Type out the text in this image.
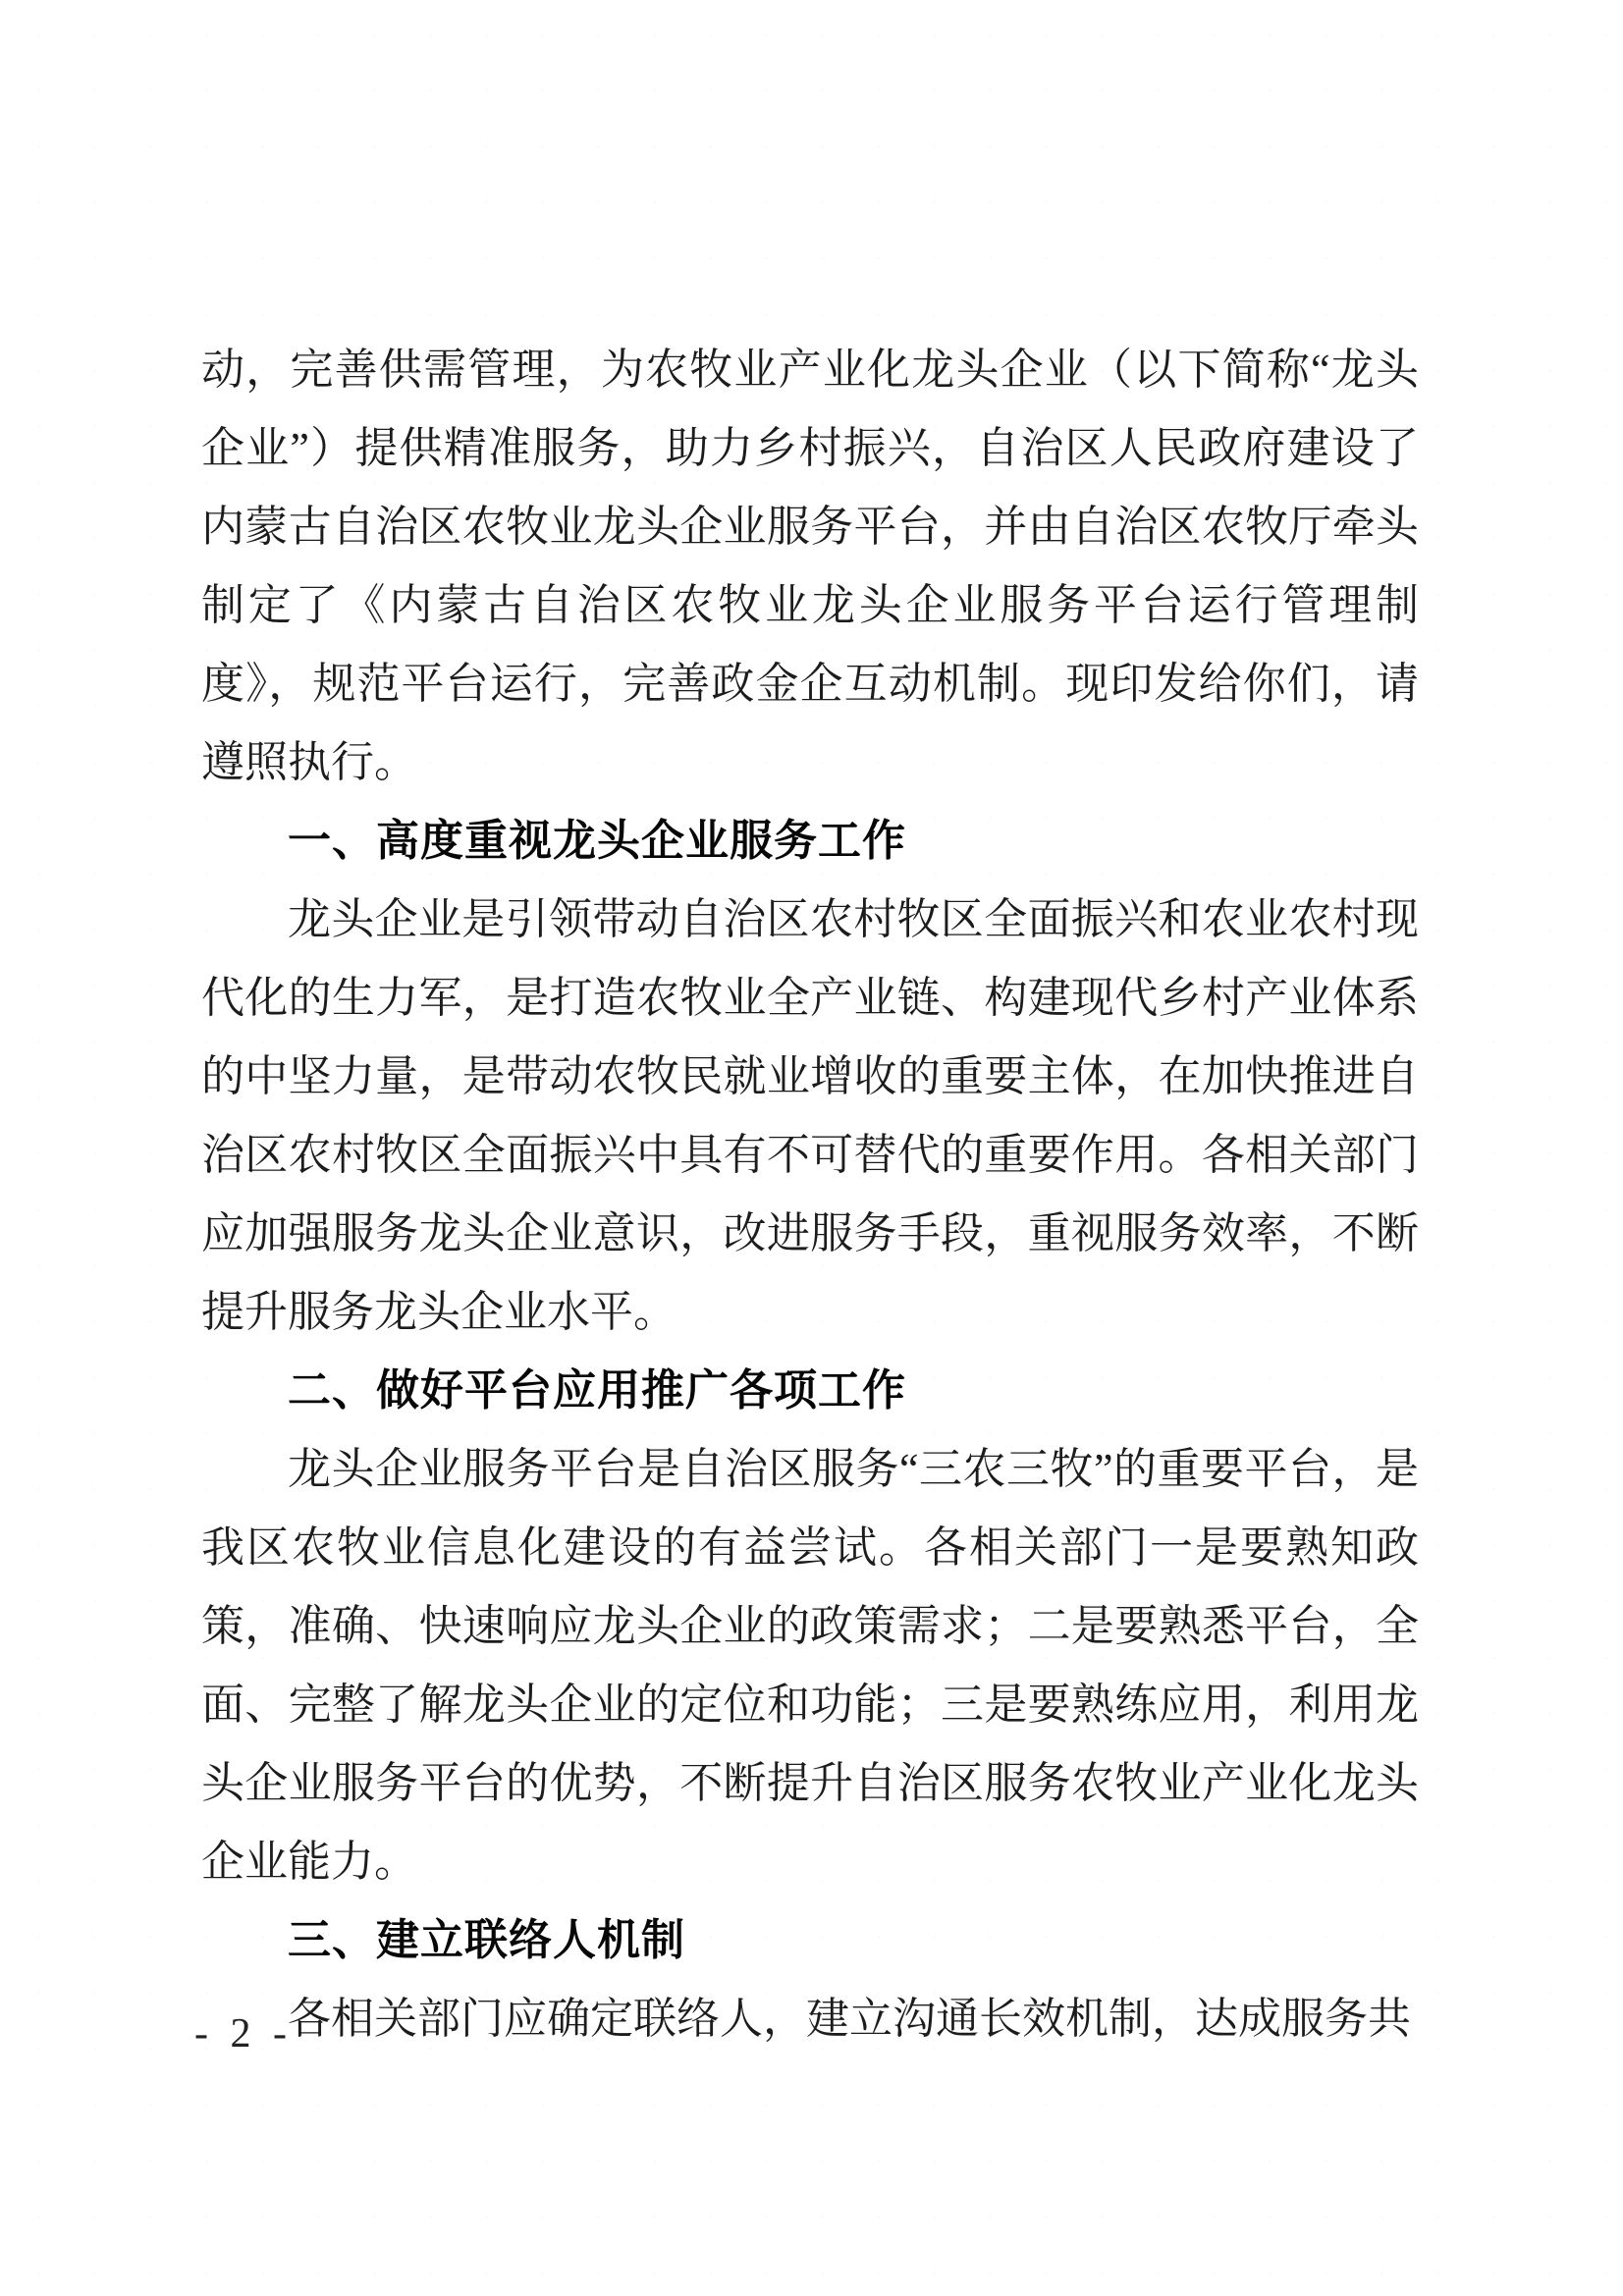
动，完善供需管理，为农牧业产业化龙头企业（以下简称“龙头企业”）提供精准服务，助力乡村振兴，自治区人民政府建设了内蒙古自治区农牧业龙头企业服务平台，并由自治区农牧厅牵头制定了《内蒙古自治区农牧业龙头企业服务平台运行管理制度》，规范平台运行，完善政金企互动机制。现印发给你们，请遵照执行。

一、高度重视龙头企业服务工作

龙头企业是引领带动自治区农村牧区全面振兴和农业农村现代化的生力军，是打造农牧业全产业链、构建现代乡村产业体系的中坚力量，是带动农牧民就业增收的重要主体，在加快推进自治区农村牧区全面振兴中具有不可替代的重要作用。各相关部门应加强服务龙头企业意识，改进服务手段，重视服务效率，不断提升服务龙头企业水平。

二、做好平台应用推广各项工作

龙头企业服务平台是自治区服务“三农三牧”的重要平台，是我区农牧业信息化建设的有益尝试。各相关部门一是要熟知政策，准确、快速响应龙头企业的政策需求；二是要熟悉平台，全面、完整了解龙头企业的定位和功能；三是要熟练应用，利用龙头企业服务平台的优势，不断提升自治区服务农牧业产业化龙头企业能力。

三、建立联络人机制

各相关部门应确定联络人，建立沟通长效机制，达成服务共

- 2 -
